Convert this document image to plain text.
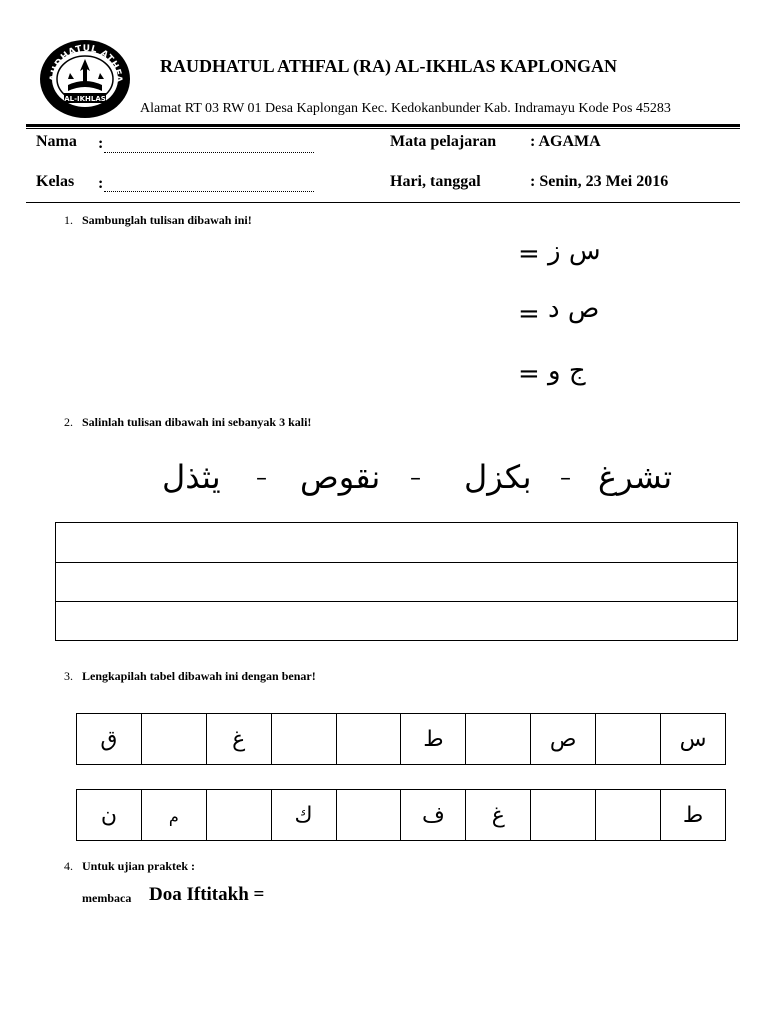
AUDHATUL ATHFA
AL-IKHLAS
RAUDHATUL ATHFAL (RA) AL-IKHLAS KAPLONGAN
Alamat RT 03 RW 01 Desa Kaplongan Kec. Kedokanbunder Kab. Indramayu Kode Pos 45283
Nama :
Kelas :
Mata pelajaran : AGAMA
Hari, tanggal	: Senin, 23 Mei 2016
1. Sambunglah tulisan dibawah ini!
= س ز
= ص د
= ج و
2. Salinlah tulisan dibawah ini sebanyak 3 kali!
تشرغ
–
بكزل
–
نقوص
–
يثذل
3. Lengkapilah tabel dibawah ini dengan benar!
ق		غ			ط		ص		س
ن	م		ك		ف	غ			ط
4. Untuk ujian praktek :
membaca Doa Iftitakh =
